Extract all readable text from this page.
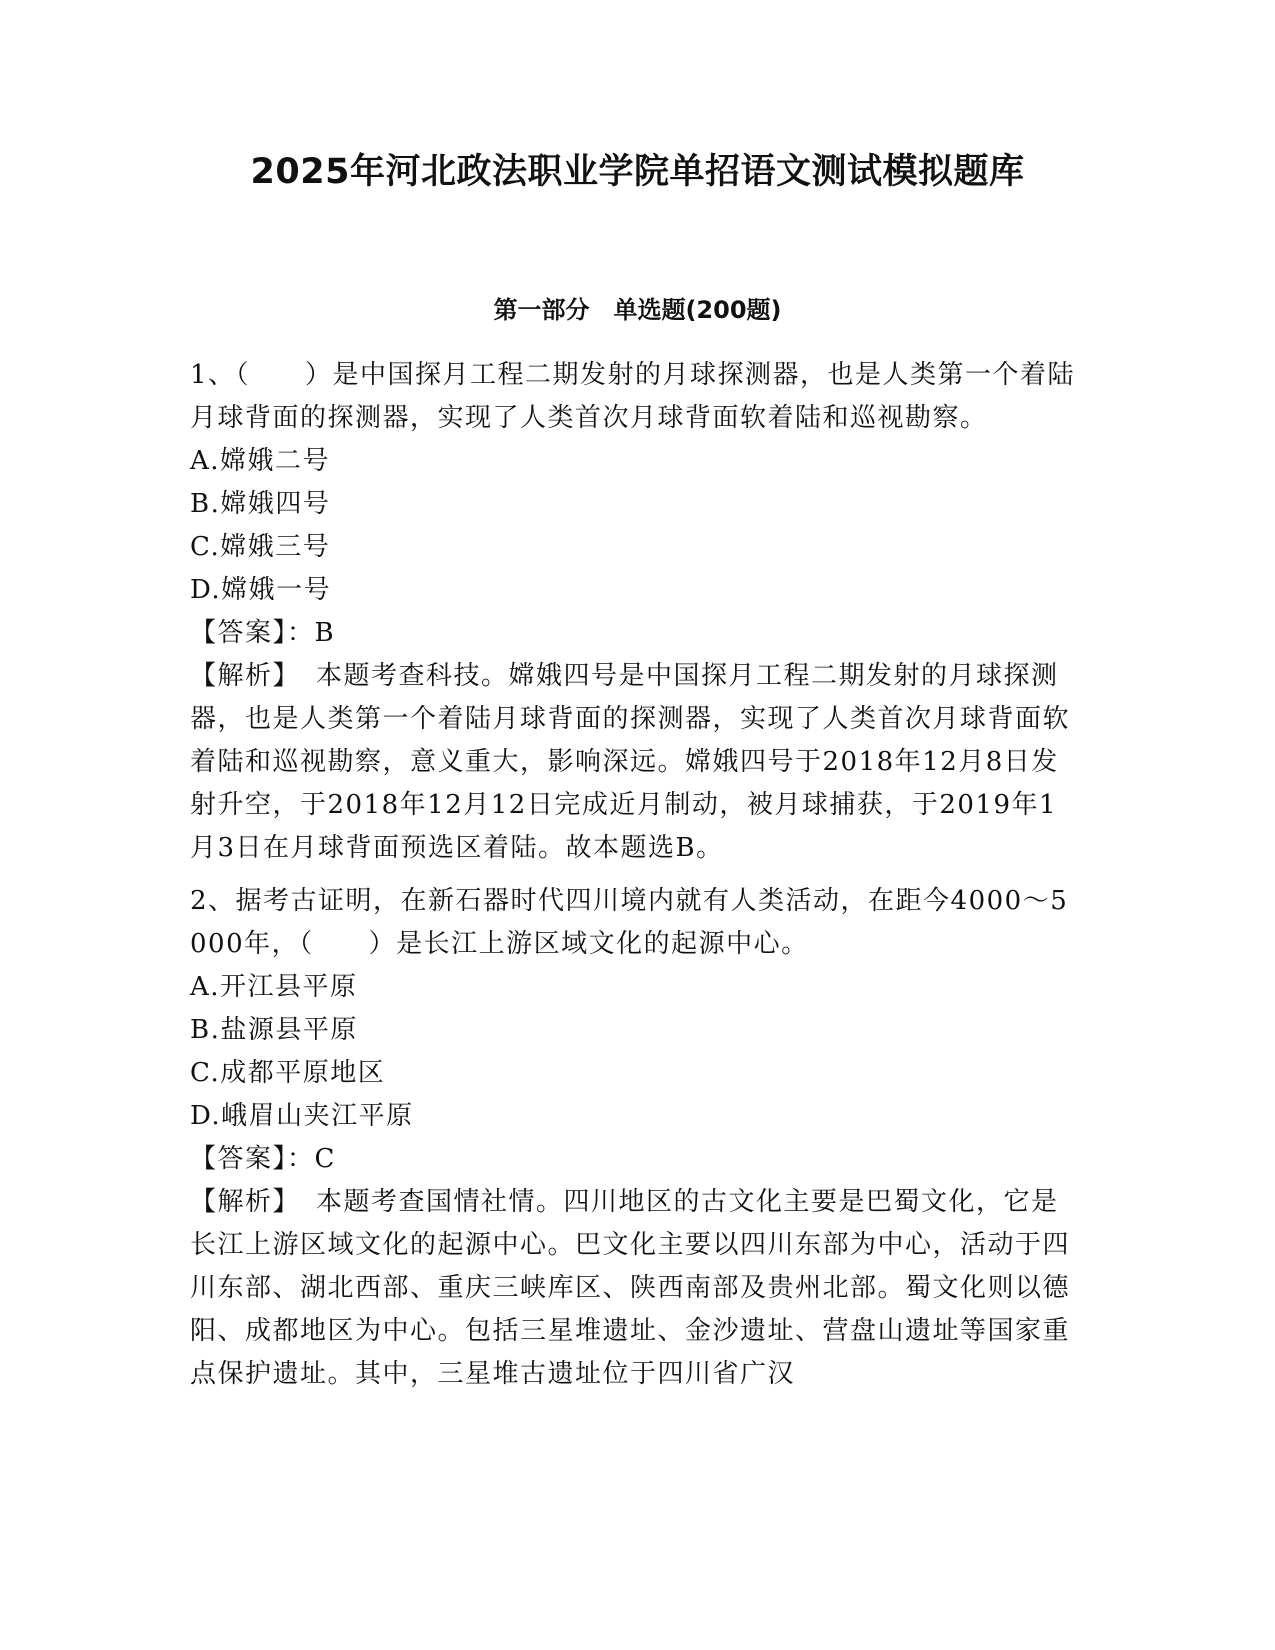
2025年河北政法职业学院单招语文测试模拟题库
第一部分　单选题(200题)

1、（　　）是中国探月工程二期发射的月球探测器，也是人类第一个着陆月球背面的探测器，实现了人类首次月球背面软着陆和巡视勘察。

A.嫦娥二号

B.嫦娥四号

C.嫦娥三号

D.嫦娥一号

【答案】：B

【解析】 本题考查科技。嫦娥四号是中国探月工程二期发射的月球探测器，也是人类第一个着陆月球背面的探测器，实现了人类首次月球背面软着陆和巡视勘察，意义重大，影响深远。嫦娥四号于2018年12月8日发射升空，于2018年12月12日完成近月制动，被月球捕获，于2019年1月3日在月球背面预选区着陆。故本题选B。

2、据考古证明，在新石器时代四川境内就有人类活动，在距今4000～5000年，（　　）是长江上游区域文化的起源中心。

A.开江县平原

B.盐源县平原

C.成都平原地区

D.峨眉山夹江平原

【答案】：C

【解析】 本题考查国情社情。四川地区的古文化主要是巴蜀文化，它是长江上游区域文化的起源中心。巴文化主要以四川东部为中心，活动于四川东部、湖北西部、重庆三峡库区、陕西南部及贵州北部。蜀文化则以德阳、成都地区为中心。包括三星堆遗址、金沙遗址、营盘山遗址等国家重点保护遗址。其中，三星堆古遗址位于四川省广汉
